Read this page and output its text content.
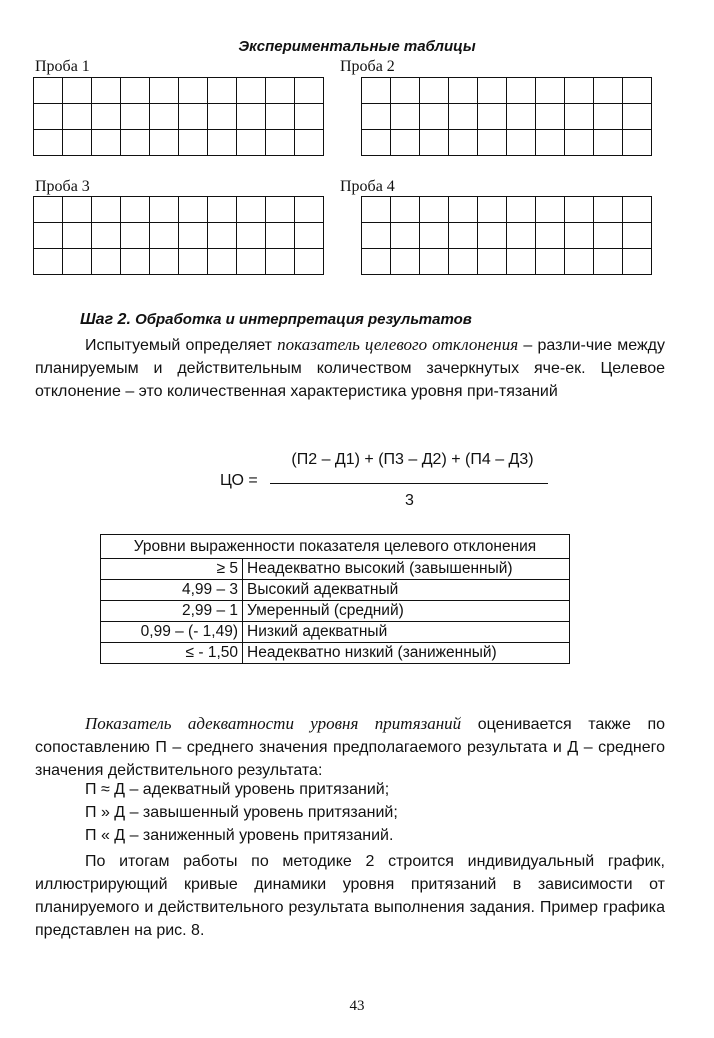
Экспериментальные таблицы
Проба 1	Проба 2
Проба 3	Проба 4

Шаг 2. Обработка и интерпретация результатов
Испытуемый определяет показатель целевого отклонения – разли-чие между планируемым и действительным количеством зачеркнутых яче-ек. Целевое отклонение – это количественная характеристика уровня при-тязаний
(П2 – Д1) + (П3 – Д2) + (П4 – Д3)
ЦО =
3
Уровни выраженности показателя целевого отклонения	
≥ 5	Неадекватно высокий (завышенный)
4,99 – 3	Высокий адекватный
2,99 – 1	Умеренный (средний)
0,99 – (- 1,49)	Низкий адекватный
≤ - 1,50	Неадекватно низкий (заниженный)
Показатель адекватности уровня притязаний оценивается также по сопоставлению П – среднего значения предполагаемого результата и Д – среднего значения действительного результата:
П ≈ Д – адекватный уровень притязаний;
П » Д – завышенный уровень притязаний;
П « Д – заниженный уровень притязаний.
По итогам работы по методике 2 строится индивидуальный график, иллюстрирующий кривые динамики уровня притязаний в зависимости от планируемого и действительного результата выполнения задания. Пример графика представлен на рис. 8.
43
